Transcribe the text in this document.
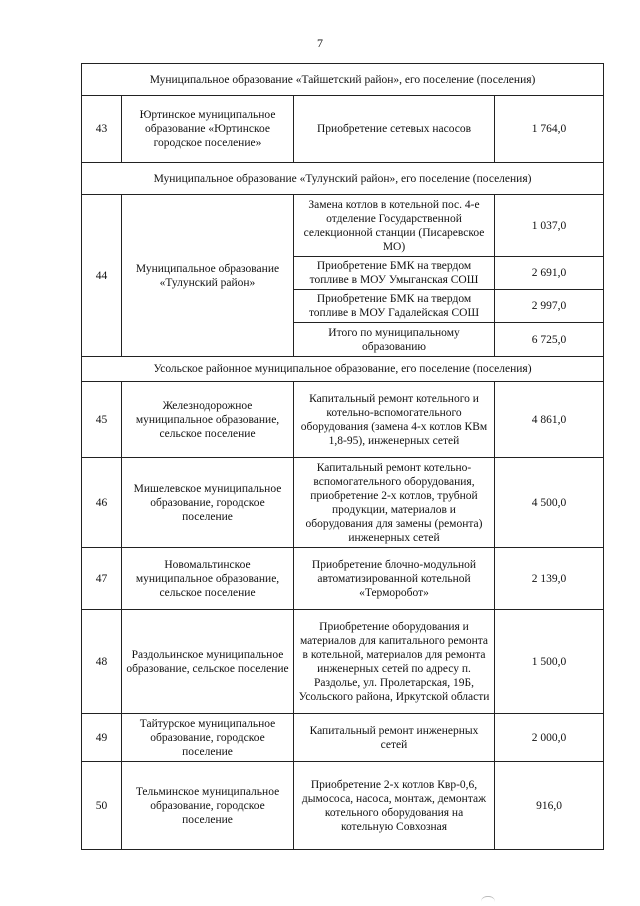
7
Муниципальное образование «Тайшетский район», его поселение (поселения)			
43	Юртинское муниципальное образование «Юртинское городское поселение»	Приобретение сетевых насосов	1 764,0
Муниципальное образование «Тулунский район», его поселение (поселения)			
44	Муниципальное образование «Тулунский район»	Замена котлов в котельной пос. 4-е отделение Государственной селекционной станции (Писаревское МО)	1 037,0
		Приобретение БМК на твердом топливе в МОУ Умыганская СОШ	2 691,0
		Приобретение БМК на твердом топливе в МОУ Гадалейская СОШ	2 997,0
		Итого по муниципальному образованию	6 725,0
Усольское районное муниципальное образование, его поселение (поселения)			
45	Железнодорожное муниципальное образование, сельское поселение	Капитальный ремонт котельного и котельно-вспомогательного оборудования (замена 4-х котлов КВм 1,8-95), инженерных сетей	4 861,0
46	Мишелевское муниципальное образование, городское поселение	Капитальный ремонт котельно-вспомогательного оборудования, приобретение 2-х котлов, трубной продукции, материалов и оборудования для замены (ремонта) инженерных сетей	4 500,0
47	Новомальтинское муниципальное образование, сельское поселение	Приобретение блочно-модульной автоматизированной котельной «Терморобот»	2 139,0
48	Раздольинское муниципальное образование, сельское поселение	Приобретение оборудования и материалов для капитального ремонта в котельной, материалов для ремонта инженерных сетей по адресу п. Раздолье, ул. Пролетарская, 19Б, Усольского района, Иркутской области	1 500,0
49	Тайтурское муниципальное образование, городское поселение	Капитальный ремонт инженерных сетей	2 000,0
50	Тельминское муниципальное образование, городское поселение	Приобретение 2-х котлов Квр-0,6, дымососа, насоса, монтаж, демонтаж котельного оборудования на котельную Совхозная	916,0
